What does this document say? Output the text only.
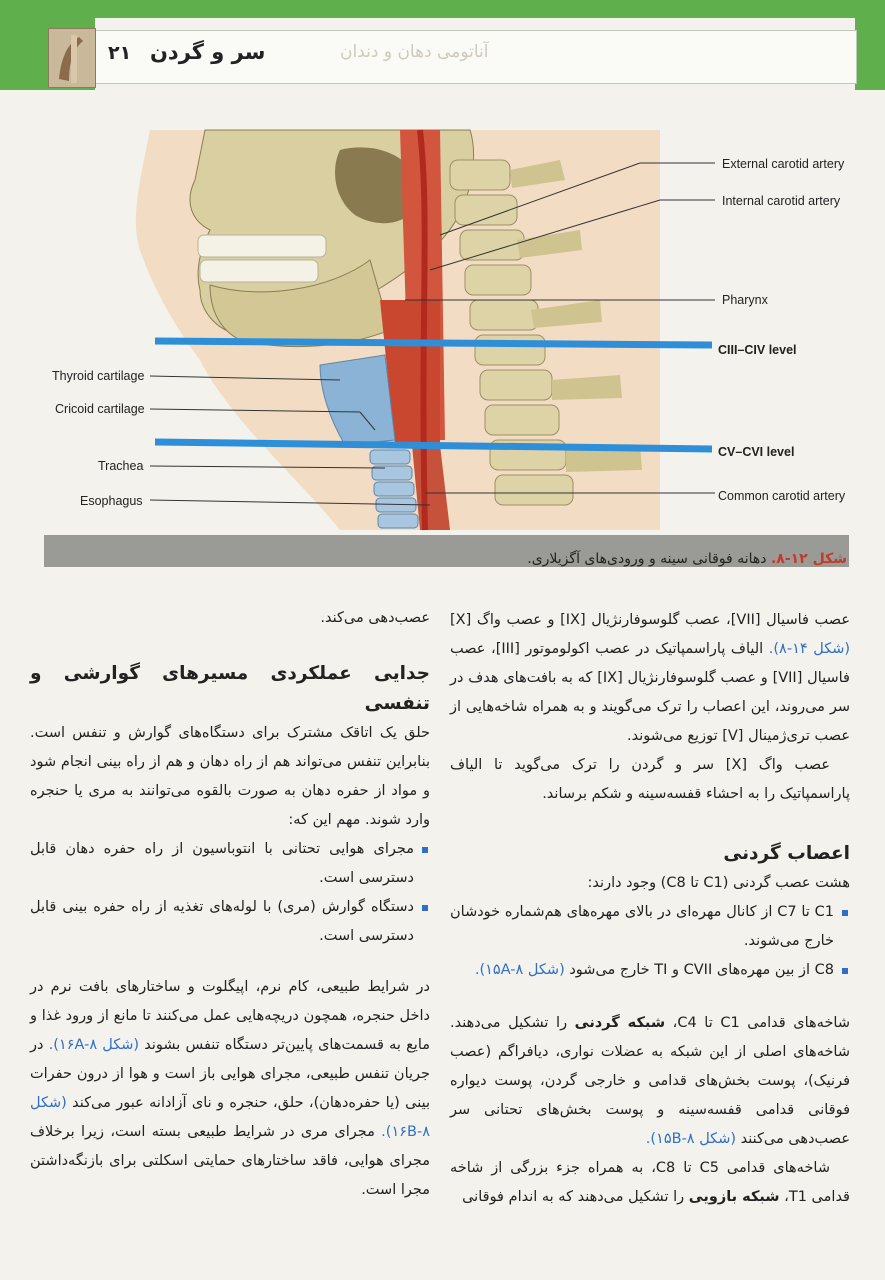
آناتومی دهان و دندان
سر و گردن
۲۱
External carotid artery
Internal carotid artery
Pharynx
CIII–CIV level
CV–CVI level
Common carotid artery
Thyroid cartilage
Cricoid cartilage
Trachea
Esophagus
شکل ۱۲-۸. دهانه فوقانی سینه و ورودی‌های آگزیلاری.

عصب فاسیال [VII]، عصب گلوسوفارنژیال [IX] و عصب واگ [X] (شکل ۱۴-۸). الیاف پاراسمپاتیک در عصب اکولوموتور [III]، عصب فاسیال [VII] و عصب گلوسوفارنژیال [IX] که به بافت‌های هدف در سر می‌روند، این اعصاب را ترک می‌گویند و به همراه شاخه‌هایی از عصب تری‌ژمینال [V] توزیع می‌شوند.

عصب واگ [X] سر و گردن را ترک می‌گوید تا الیاف پاراسمپاتیک را به احشاء قفسه‌سینه و شکم برساند.

اعصاب گردنی

هشت عصب گردنی (C1 تا C8) وجود دارند:

C1 تا C7 از کانال مهره‌ای در بالای مهره‌های هم‌شماره خودشان خارج می‌شوند.
C8 از بین مهره‌های CVII و TI خارج می‌شود (شکل ۱۵A-۸).

شاخه‌های قدامی C1 تا C4، شبکه گردنی را تشکیل می‌دهند. شاخه‌های اصلی از این شبکه به عضلات نواری، دیافراگم (عصب فرنیک)، پوست بخش‌های قدامی و خارجی گردن، پوست دیواره فوقانی قدامی قفسه‌سینه و پوست بخش‌های تحتانی سر عصب‌دهی می‌کنند (شکل ۱۵B-۸).

شاخه‌های قدامی C5 تا C8، به همراه جزء بزرگی از شاخه قدامی T1، شبکه بازویی را تشکیل می‌دهند که به اندام فوقانی

عصب‌دهی می‌کند.

جدایی عملکردی مسیرهای گوارشی و تنفسی

حلق یک اتاقک مشترک برای دستگاه‌های گوارش و تنفس است. بنابراین تنفس می‌تواند هم از راه دهان و هم از راه بینی انجام شود و مواد از حفره دهان به صورت بالقوه می‌توانند به مری یا حنجره وارد شوند. مهم این که:

مجرای هوایی تحتانی با انتوباسیون از راه حفره دهان قابل دسترسی است.
دستگاه گوارش (مری) با لوله‌های تغذیه از راه حفره بینی قابل دسترسی است.

در شرایط طبیعی، کام نرم، اپیگلوت و ساختارهای بافت نرم در داخل حنجره، همچون دریچه‌هایی عمل می‌کنند تا مانع از ورود غذا و مایع به قسمت‌های پایین‌تر دستگاه تنفس بشوند (شکل ۱۶A-۸). در جریان تنفس طبیعی، مجرای هوایی باز است و هوا از درون حفرات بینی (یا حفره‌دهان)، حلق، حنجره و نای آزادانه عبور می‌کند (شکل ۱۶B-۸). مجرای مری در شرایط طبیعی بسته است، زیرا برخلاف مجرای هوایی، فاقد ساختارهای حمایتی اسکلتی برای بازنگه‌داشتن مجرا است.
